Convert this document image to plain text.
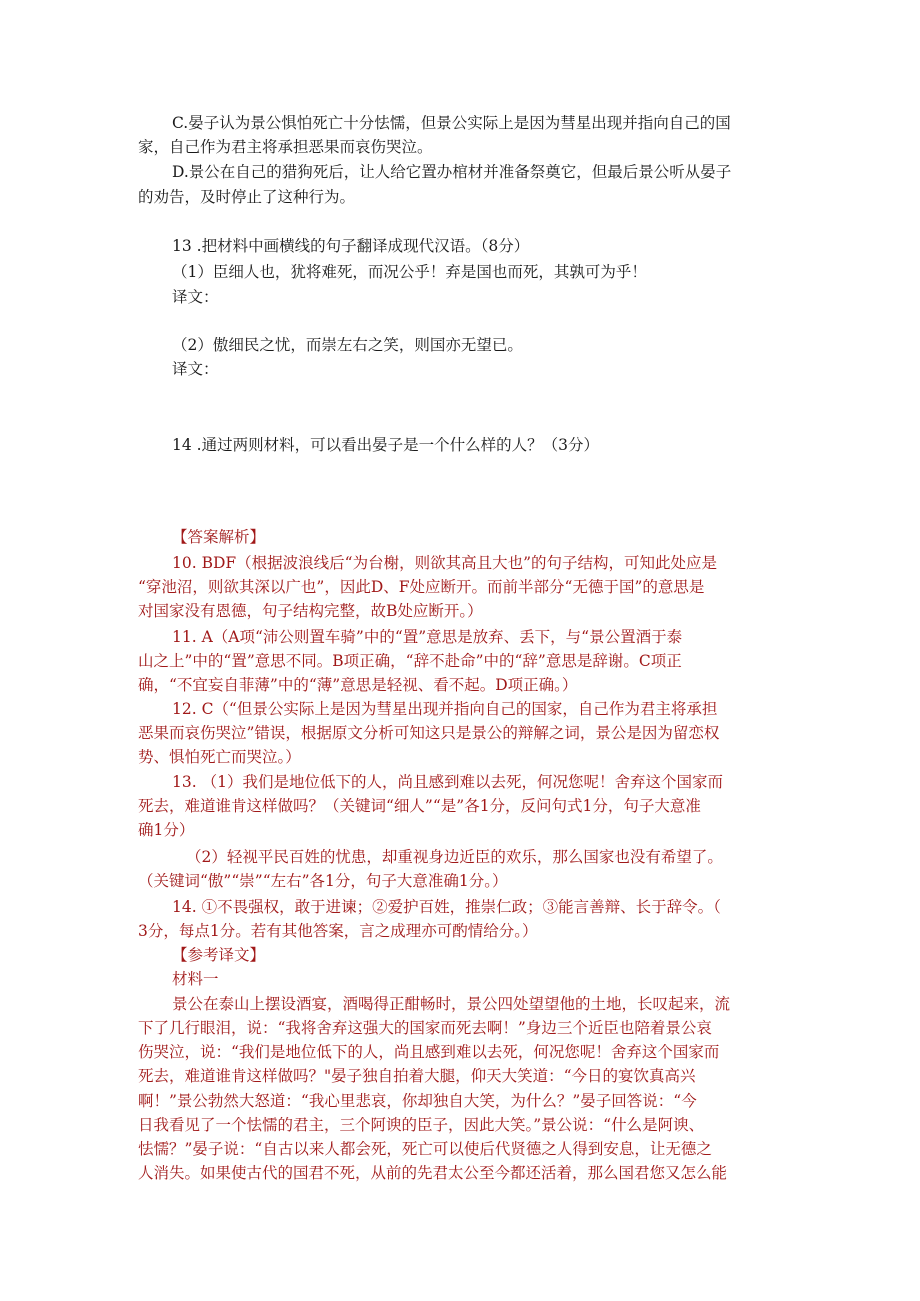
C.晏子认为景公惧怕死亡十分怯懦，但景公实际上是因为彗星出现并指向自己的国
家，自己作为君主将承担恶果而哀伤哭泣。
D.景公在自己的猎狗死后，让人给它置办棺材并准备祭奠它，但最后景公听从晏子
的劝告，及时停止了这种行为。
13 .把材料中画横线的句子翻译成现代汉语。（8分）
（1）臣细人也，犹将难死，而况公乎！弃是国也而死，其孰可为乎！
译文：
（2）傲细民之忧，而崇左右之笑，则国亦无望已。
译文：
14 .通过两则材料，可以看出晏子是一个什么样的人？（3分）
【答案解析】
10. BDF（根据波浪线后“为台榭，则欲其高且大也”的句子结构，可知此处应是
“穿池沼，则欲其深以广也”，因此D、F处应断开。而前半部分“无德于国”的意思是
对国家没有恩德，句子结构完整，故B处应断开。）
11. A（A项“沛公则置车骑”中的“置”意思是放弃、丢下，与“景公置酒于泰
山之上”中的“置”意思不同。B项正确，“辞不赴命”中的“辞”意思是辞谢。C项正
确，“不宜妄自菲薄”中的“薄”意思是轻视、看不起。D项正确。）
12. C（“但景公实际上是因为彗星出现并指向自己的国家，自己作为君主将承担
恶果而哀伤哭泣”错误，根据原文分析可知这只是景公的辩解之词，景公是因为留恋权
势、惧怕死亡而哭泣。）
13. （1）我们是地位低下的人，尚且感到难以去死，何况您呢！舍弃这个国家而
死去，难道谁肯这样做吗？（关键词“细人”“是”各1分，反问句式1分，句子大意准
确1分）
（2）轻视平民百姓的忧患，却重视身边近臣的欢乐，那么国家也没有希望了。
（关键词“傲”“崇”“左右”各1分，句子大意准确1分。）
14. ①不畏强权，敢于进谏；②爱护百姓，推崇仁政；③能言善辩、长于辞令。（
3分，每点1分。若有其他答案，言之成理亦可酌情给分。）
【参考译文】
材料一
景公在泰山上摆设酒宴，酒喝得正酣畅时，景公四处望望他的土地，长叹起来，流
下了几行眼泪，说：“我将舍弃这强大的国家而死去啊！”身边三个近臣也陪着景公哀
伤哭泣，说：“我们是地位低下的人，尚且感到难以去死，何况您呢！舍弃这个国家而
死去，难道谁肯这样做吗？"晏子独自拍着大腿，仰天大笑道：“今日的宴饮真高兴
啊！”景公勃然大怒道：“我心里悲哀，你却独自大笑，为什么？”晏子回答说：“今
日我看见了一个怯懦的君主，三个阿谀的臣子，因此大笑。”景公说：“什么是阿谀、
怯懦？”晏子说：“自古以来人都会死，死亡可以使后代贤德之人得到安息，让无德之
人消失。如果使古代的国君不死，从前的先君太公至今都还活着，那么国君您又怎么能
